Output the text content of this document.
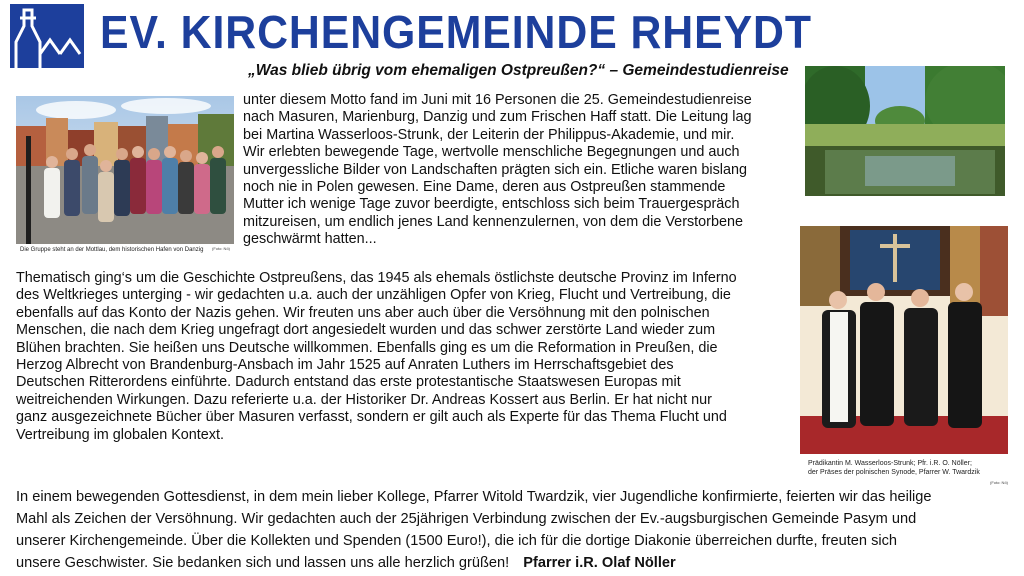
EV. KIRCHENGEMEINDE RHEYDT
„Was blieb übrig vom ehemaligen Ostpreußen?“ – Gemeindestudienreise
Die Gruppe steht an der Mottlau, dem historischen Hafen von Danzig (Foto: Nö)
Prädikantin M. Wasserloos-Strunk; Pfr. i.R. O. Nöller;
der Präses der polnischen Synode, Pfarrer W. Twardzik
(Foto: Nö)
unter diesem Motto fand im Juni mit 16 Personen die 25. Gemeindestudienreise
nach Masuren, Marienburg, Danzig und zum Frischen Haff statt. Die Leitung lag
bei Martina Wasserloos-Strunk, der Leiterin der Philippus-Akademie, und mir.
Wir erlebten bewegende Tage, wertvolle menschliche Begegnungen und auch
unvergessliche Bilder von Landschaften prägten sich ein. Etliche waren bislang
noch nie in Polen gewesen. Eine Dame, deren aus Ostpreußen stammende
Mutter ich wenige Tage zuvor beerdigte, entschloss sich beim Trauergespräch
mitzureisen, um endlich jenes Land kennenzulernen, von dem die Verstorbene
geschwärmt hatten...
Thematisch ging‘s um die Geschichte Ostpreußens, das 1945 als ehemals östlichste deutsche Provinz im Inferno
des Weltkrieges unterging - wir gedachten u.a. auch der unzähligen Opfer von Krieg, Flucht und Vertreibung, die
ebenfalls auf das Konto der Nazis gehen. Wir freuten uns aber auch über die Versöhnung mit den polnischen
Menschen, die nach dem Krieg ungefragt dort angesiedelt wurden und das schwer zerstörte Land wieder zum
Blühen brachten. Sie heißen uns Deutsche willkommen. Ebenfalls ging es um die Reformation in Preußen, die
Herzog Albrecht von Brandenburg-Ansbach im Jahr 1525 auf Anraten Luthers im Herrschaftsgebiet des
Deutschen Ritterordens einführte. Dadurch entstand das erste protestantische Staatswesen Europas mit
weitreichenden Wirkungen. Dazu referierte u.a. der Historiker Dr. Andreas Kossert aus Berlin. Er hat nicht nur
ganz ausgezeichnete Bücher über Masuren verfasst, sondern er gilt auch als Experte für das Thema Flucht und
Vertreibung im globalen Kontext.
In einem bewegenden Gottesdienst, in dem mein lieber Kollege, Pfarrer Witold Twardzik, vier Jugendliche konfirmierte, feierten wir das heilige
Mahl als Zeichen der Versöhnung. Wir gedachten auch der 25jährigen Verbindung zwischen der Ev.-augsburgischen Gemeinde Pasym und
unserer Kirchengemeinde. Über die Kollekten und Spenden (1500 Euro!), die ich für die dortige Diakonie überreichen durfte, freuten sich
unsere Geschwister. Sie bedanken sich und lassen uns alle herzlich grüßen! Pfarrer i.R. Olaf Nöller
